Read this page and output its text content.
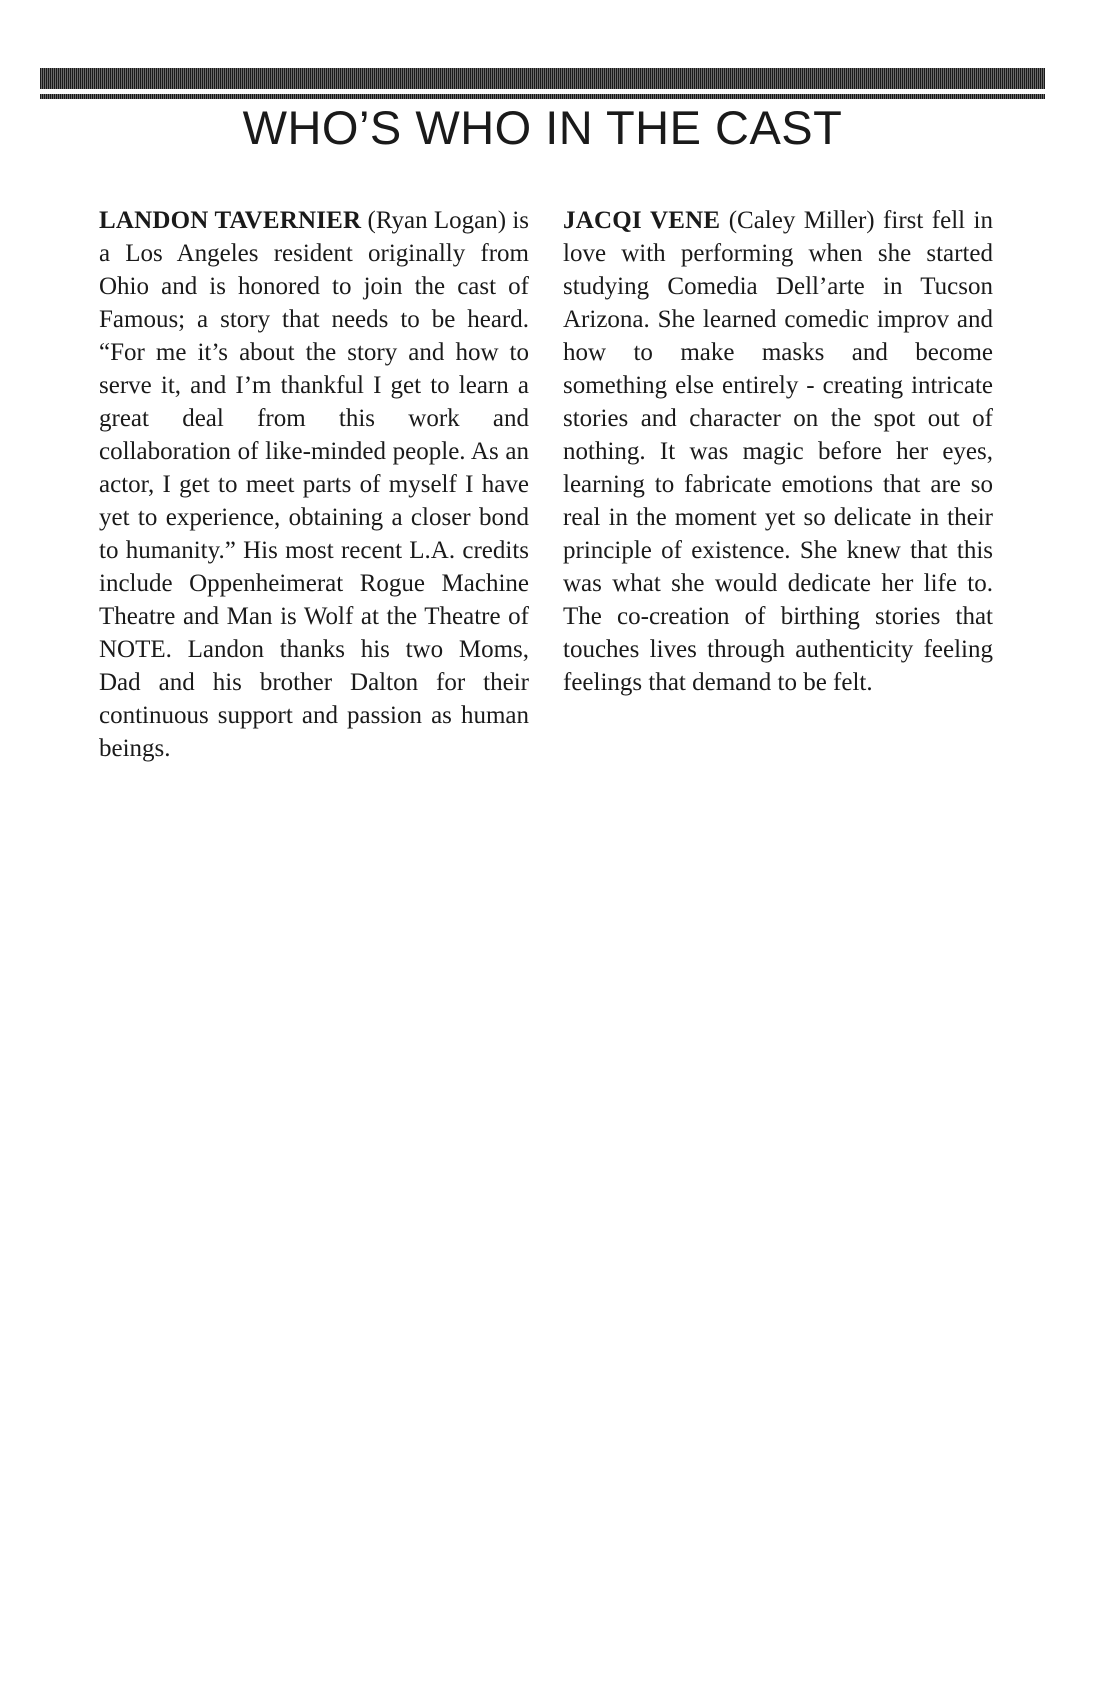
WHO’S WHO IN THE CAST

LANDON TAVERNIER (Ryan Logan) is a Los Angeles resident originally from Ohio and is honored to join the cast of Famous; a story that needs to be heard. “For me it’s about the story and how to serve it, and I’m thankful I get to learn a great deal from this work and collaboration of like-minded people. As an actor, I get to meet parts of myself I have yet to experience, obtaining a closer bond to humanity.” His most recent L.A. credits include Oppenheimerat Rogue Machine Theatre and Man is Wolf at the Theatre of NOTE. Landon thanks his two Moms, Dad and his brother Dalton for their continuous support and passion as human beings.

JACQI VENE (Caley Miller) first fell in love with performing when she started studying Comedia Dell’arte in Tucson Arizona. She learned comedic improv and how to make masks and become something else entirely - creating intricate stories and character on the spot out of nothing. It was magic before her eyes, learning to fabricate emotions that are so real in the moment yet so delicate in their principle of existence. She knew that this was what she would dedicate her life to. The co-creation of birthing stories that touches lives through authenticity feeling feelings that demand to be felt.
